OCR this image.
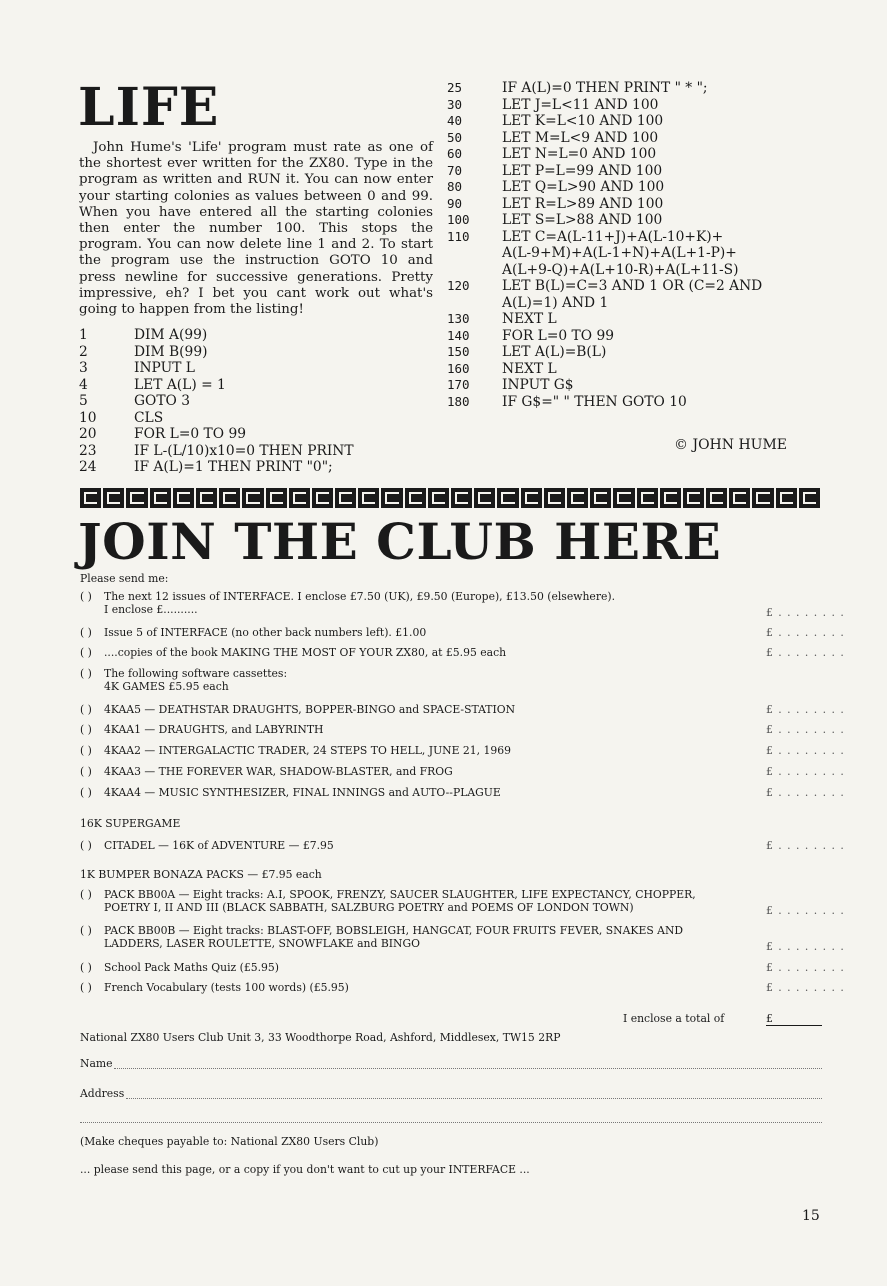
LIFE

John Hume's 'Life' program must rate as one of the shortest ever written for the ZX80. Type in the program as written and RUN it. You can now enter your starting colonies as values between 0 and 99. When you have entered all the starting colonies then enter the number 100. This stops the program. You can now delete line 1 and 2. To start the program use the instruction GOTO 10 and press newline for successive generations. Pretty impressive, eh? I bet you cant work out what's going to happen from the listing!

1	DIM A(99)
2	DIM B(99)
3	INPUT L
4	LET A(L) = 1
5	GOTO 3
10	CLS
20	FOR L=0 TO 99
23	IF L-(L/10)x10=0 THEN PRINT
24	IF A(L)=1 THEN PRINT "0";
25	IF A(L)=0 THEN PRINT " * ";
30	LET J=L<11 AND 100
40	LET K=L<10 AND 100
50	LET M=L<9 AND 100
60	LET N=L=0 AND 100
70	LET P=L=99 AND 100
80	LET Q=L>90 AND 100
90	LET R=L>89 AND 100
100 LET S=L>88 AND 100
110 LET C=A(L-11+J)+A(L-10+K)+
A(L-9+M)+A(L-1+N)+A(L+1-P)+
A(L+9-Q)+A(L+10-R)+A(L+11-S)
120 LET B(L)=C=3 AND 1 OR (C=2 AND
A(L)=1) AND 1
130 NEXT L
140 FOR L=0 TO 99
150 LET A(L)=B(L)
160 NEXT L
170 INPUT G$
180 IF G$=" " THEN GOTO 10
© JOHN HUME
JOIN THE CLUB HERE
Please send me:
( ) The next 12 issues of INTERFACE. I enclose £7.50 (UK), £9.50 (Europe), £13.50 (elsewhere).
I enclose £..........	£ . . . . . . . .
( ) Issue 5 of INTERFACE (no other back numbers left). £1.00	£ . . . . . . . .
( ) ....copies of the book MAKING THE MOST OF YOUR ZX80, at £5.95 each	£ . . . . . . . .
( ) The following software cassettes:
4K GAMES £5.95 each
( ) 4KAA5 — DEATHSTAR DRAUGHTS, BOPPER-BINGO and SPACE-STATION	£ . . . . . . . .
( ) 4KAA1 — DRAUGHTS, and LABYRINTH	£ . . . . . . . .
( ) 4KAA2 — INTERGALACTIC TRADER, 24 STEPS TO HELL, JUNE 21, 1969	£ . . . . . . . .
( ) 4KAA3 — THE FOREVER WAR, SHADOW-BLASTER, and FROG	£ . . . . . . . .
( ) 4KAA4 — MUSIC SYNTHESIZER, FINAL INNINGS and AUTO--PLAGUE	£ . . . . . . . .
16K SUPERGAME
( ) CITADEL — 16K of ADVENTURE — £7.95	£ . . . . . . . .
1K BUMPER BONAZA PACKS — £7.95 each
( ) PACK BB00A — Eight tracks: A.I, SPOOK, FRENZY, SAUCER SLAUGHTER, LIFE EXPECTANCY, CHOPPER,
POETRY I, II AND III (BLACK SABBATH, SALZBURG POETRY and POEMS OF LONDON TOWN)	£ . . . . . . . .
( ) PACK BB00B — Eight tracks: BLAST-OFF, BOBSLEIGH, HANGCAT, FOUR FRUITS FEVER, SNAKES AND
LADDERS, LASER ROULETTE, SNOWFLAKE and BINGO	£ . . . . . . . .
( ) School Pack Maths Quiz (£5.95)	£ . . . . . . . .
( ) French Vocabulary (tests 100 words) (£5.95)	£ . . . . . . . .
I enclose a total of	£
National ZX80 Users Club Unit 3, 33 Woodthorpe Road, Ashford, Middlesex, TW15 2RP
Name
Address
(Make cheques payable to: National ZX80 Users Club)
... please send this page, or a copy if you don't want to cut up your INTERFACE ...
15
